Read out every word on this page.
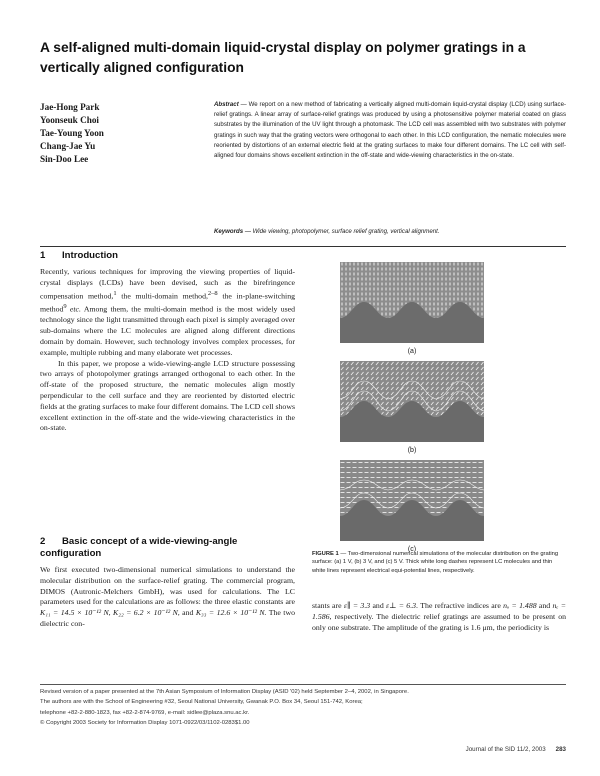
A self-aligned multi-domain liquid-crystal display on polymer gratings in a vertically aligned configuration
Jae-Hong Park
Yoonseuk Choi
Tae-Young Yoon
Chang-Jae Yu
Sin-Doo Lee
Abstract — We report on a new method of fabricating a vertically aligned multi-domain liquid-crystal display (LCD) using surface-relief gratings. A linear array of surface-relief gratings was produced by using a photosensitive polymer material coated on glass substrates by the illumination of the UV light through a photomask. The LCD cell was assembled with two substrates with polymer gratings in such way that the grating vectors were orthogonal to each other. In this LCD configuration, the nematic molecules were reoriented by distortions of an external electric field at the grating surfaces to make four different domains. The LC cell with self-aligned four domains shows excellent extinction in the off-state and wide-viewing characteristics in the on-state.
Keywords — Wide viewing, photopolymer, surface relief grating, vertical alignment.
1 Introduction

Recently, various techniques for improving the viewing properties of liquid-crystal displays (LCDs) have been devised, such as the birefringence compensation method,$^1$ the multi-domain method,$^{2-8}$ the in-plane-switching method$^9$ etc. Among them, the multi-domain method is the most widely used technology since the light transmitted through each pixel is simply averaged over sub-domains where the LC molecules are aligned along different directions domain by domain. However, such technology involves complex processes, for example, multiple rubbing and many elaborate wet processes.

In this paper, we propose a wide-viewing-angle LCD structure possessing two arrays of photopolymer gratings arranged orthogonal to each other. In the off-state of the proposed structure, the nematic molecules align mostly perpendicular to the cell surface and they are reoriented by distorted electric fields at the grating surfaces to make four different domains. The LCD cell shows excellent extinction in the off-state and the wide-viewing characteristics in the on-state.

(a)
(b)
(c)
FIGURE 1 — Two-dimensional numerical simulations of the molecular distribution on the grating surface: (a) 1 V, (b) 3 V, and (c) 5 V. Thick white long dashes represent LC molecules and thin white lines represent electrical equi-potential lines, respectively.
2 Basic concept of a wide-viewing-angle configuration

We first executed two-dimensional numerical simulations to understand the molecular distribution on the surface-relief grating. The commercial program, DIMOS (Autronic-Melchers GmbH), was used for calculations. The LC parameters used for the calculations are as follows: the three elastic constants are K₁₁ = 14.5 × 10⁻¹² N, K₂₂ = 6.2 × 10⁻¹² N, and K₃₃ = 12.6 × 10⁻¹² N. The two dielectric con-

stants are ε∥ = 3.3 and ε⊥ = 6.3. The refractive indices are nₒ = 1.488 and nₑ = 1.586, respectively. The dielectric relief gratings are assumed to be present on only one substrate. The amplitude of the grating is 1.6 μm, the periodicity is
Revised version of a paper presented at the 7th Asian Symposium of Information Display (ASID '02) held September 2–4, 2002, in Singapore.
The authors are with the School of Engineering #32, Seoul National University, Gwanak P.O. Box 34, Seoul 151-742, Korea;
telephone +82-2-880-1823, fax +82-2-874-9769, e-mail: sidlee@plaza.snu.ac.kr.
© Copyright 2003 Society for Information Display 1071-0922/03/1102-0283$1.00
Journal of the SID 11/2, 2003 283
